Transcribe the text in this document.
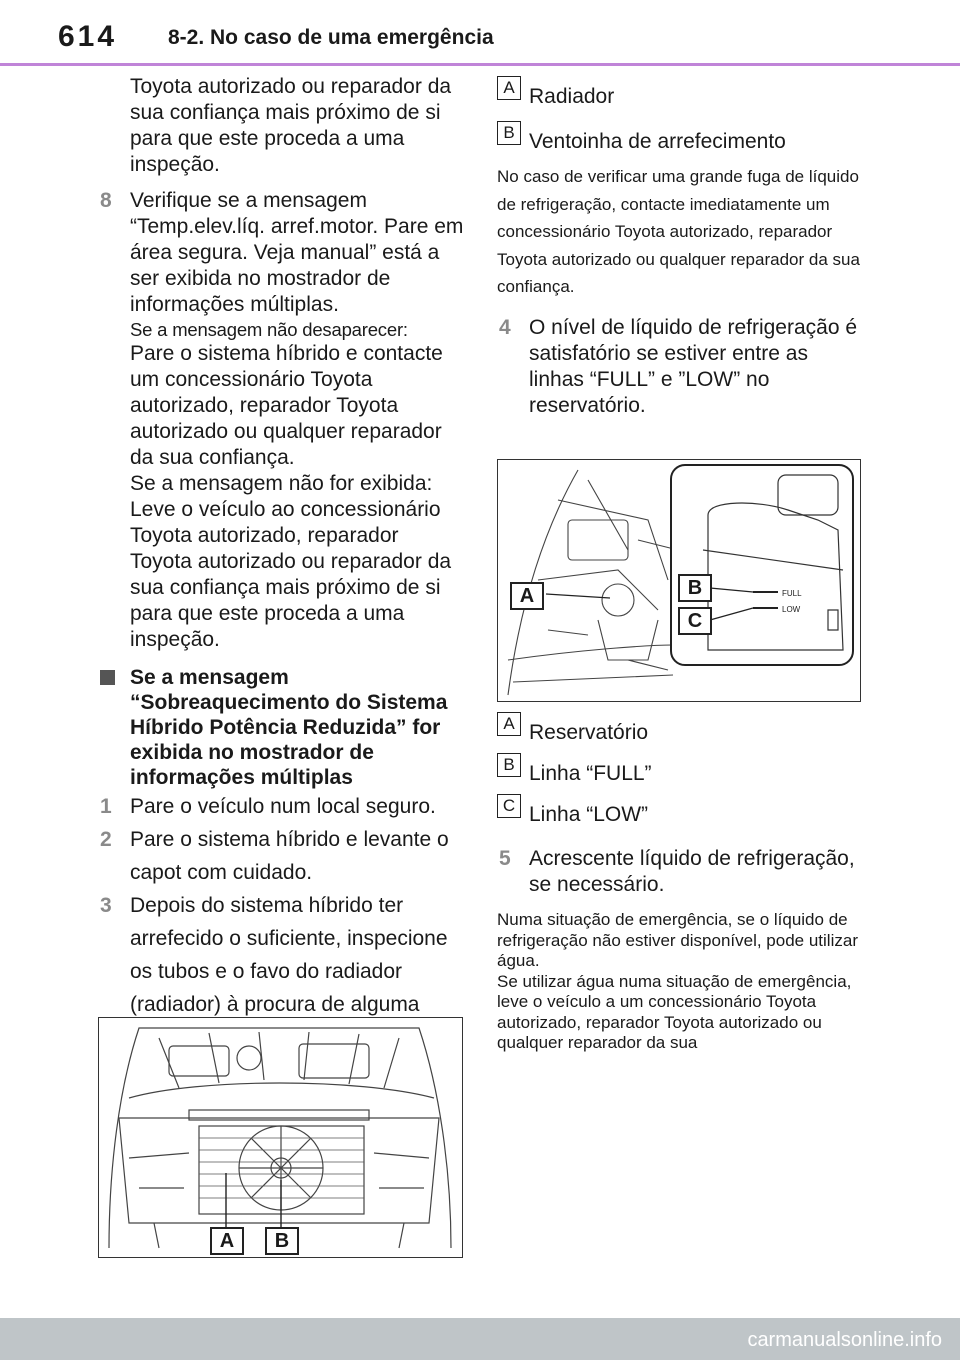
614 8-2. No caso de uma emergência

Toyota autorizado ou reparador da sua confiança mais próximo de si para que este proceda a uma inspeção.

8 Verifique se a mensagem “Temp.elev.líq. arref.motor. Pare em área segura. Veja manual” está a ser exibida no mostrador de informações múltiplas.
Se a mensagem não desaparecer:
Pare o sistema híbrido e contacte um concessionário Toyota autorizado, reparador Toyota autorizado ou qualquer reparador da sua confiança.
Se a mensagem não for exibida:
Leve o veículo ao concessionário Toyota autorizado, reparador Toyota autorizado ou reparador da sua confiança mais próximo de si para que este proceda a uma inspeção.
Se a mensagem “Sobreaquecimento do Sistema Híbrido Potência Reduzida” for exibida no mostrador de informações múltiplas
1 Pare o veículo num local seguro.
2 Pare o sistema híbrido e levante o capot com cuidado.
3 Depois do sistema híbrido ter arrefecido o suficiente, inspecione os tubos e o favo do radiador (radiador) à procura de alguma
A	B
A Radiador
B Ventoinha de arrefecimento

No caso de verificar uma grande fuga de líquido de refrigeração, contacte imediatamente um concessionário Toyota autorizado, reparador Toyota autorizado ou qualquer reparador da sua confiança.

4 O nível de líquido de refrigeração é satisfatório se estiver entre as linhas “FULL” e ”LOW” no reservatório.
FULL
LOW
A	B
C
A Reservatório
B Linha “FULL”
C Linha “LOW”
5 Acrescente líquido de refrigeração, se necessário.

Numa situação de emergência, se o líquido de refrigeração não estiver disponível, pode utilizar água.

Se utilizar água numa situação de emergência, leve o veículo a um concessionário Toyota autorizado, reparador Toyota autorizado ou qualquer reparador da sua

carmanualsonline.info
